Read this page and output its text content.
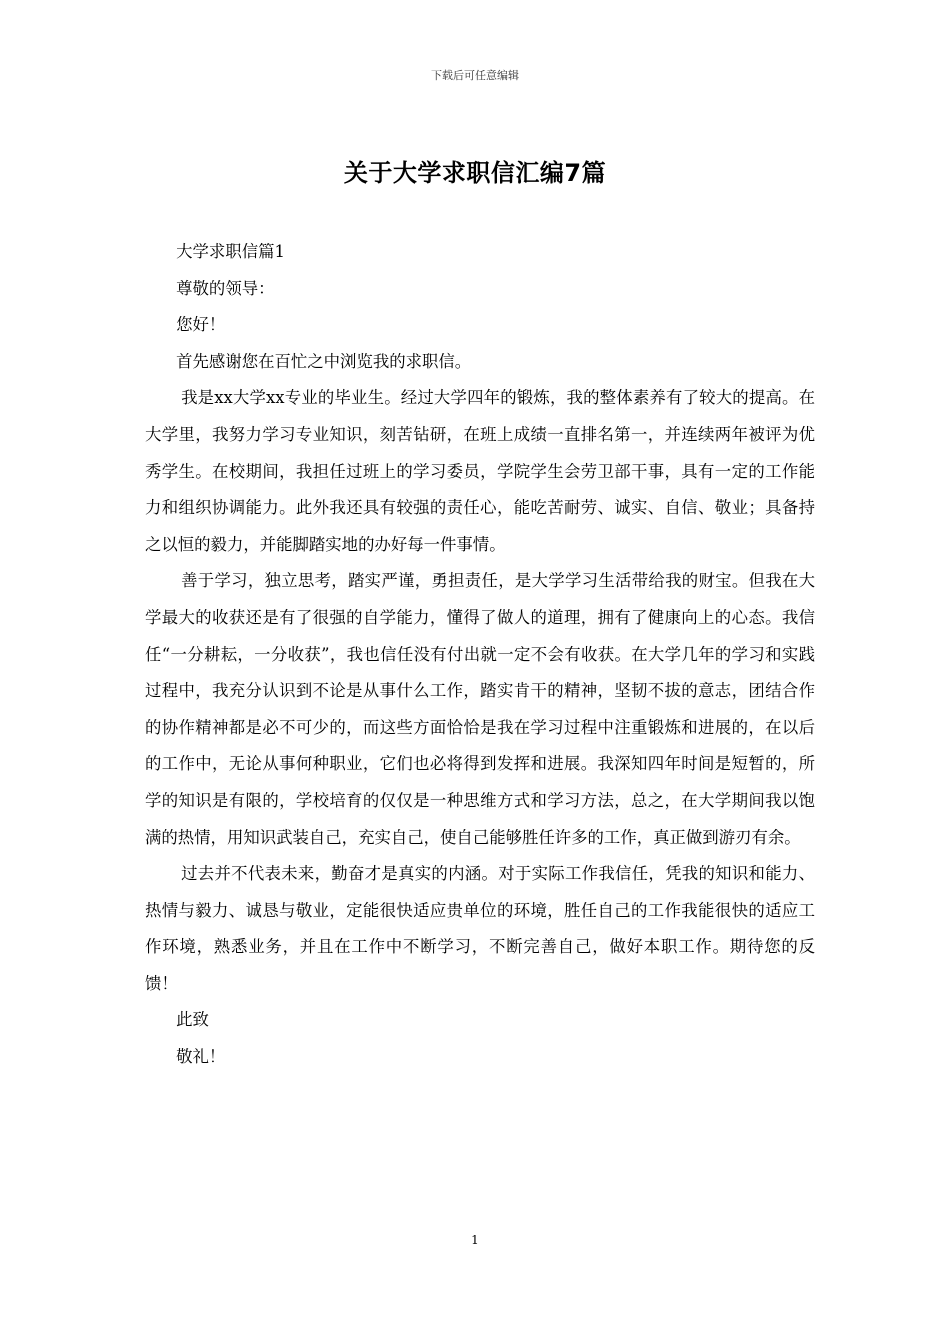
下载后可任意编辑
关于大学求职信汇编7篇

大学求职信篇1

尊敬的领导：

您好！

首先感谢您在百忙之中浏览我的求职信。

我是xx大学xx专业的毕业生。经过大学四年的锻炼，我的整体素养有了较大的提高。在大学里，我努力学习专业知识，刻苦钻研，在班上成绩一直排名第一，并连续两年被评为优秀学生。在校期间，我担任过班上的学习委员，学院学生会劳卫部干事，具有一定的工作能力和组织协调能力。此外我还具有较强的责任心，能吃苦耐劳、诚实、自信、敬业；具备持之以恒的毅力，并能脚踏实地的办好每一件事情。

善于学习，独立思考，踏实严谨，勇担责任，是大学学习生活带给我的财宝。但我在大学最大的收获还是有了很强的自学能力，懂得了做人的道理，拥有了健康向上的心态。我信任“一分耕耘，一分收获”，我也信任没有付出就一定不会有收获。在大学几年的学习和实践过程中，我充分认识到不论是从事什么工作，踏实肯干的精神，坚韧不拔的意志，团结合作的协作精神都是必不可少的，而这些方面恰恰是我在学习过程中注重锻炼和进展的，在以后的工作中，无论从事何种职业，它们也必将得到发挥和进展。我深知四年时间是短暂的，所学的知识是有限的，学校培育的仅仅是一种思维方式和学习方法，总之，在大学期间我以饱满的热情，用知识武装自己，充实自己，使自己能够胜任许多的工作，真正做到游刃有余。

过去并不代表未来，勤奋才是真实的内涵。对于实际工作我信任，凭我的知识和能力、热情与毅力、诚恳与敬业，定能很快适应贵单位的环境，胜任自己的工作我能很快的适应工作环境，熟悉业务，并且在工作中不断学习，不断完善自己，做好本职工作。期待您的反馈！

此致

敬礼！

1
